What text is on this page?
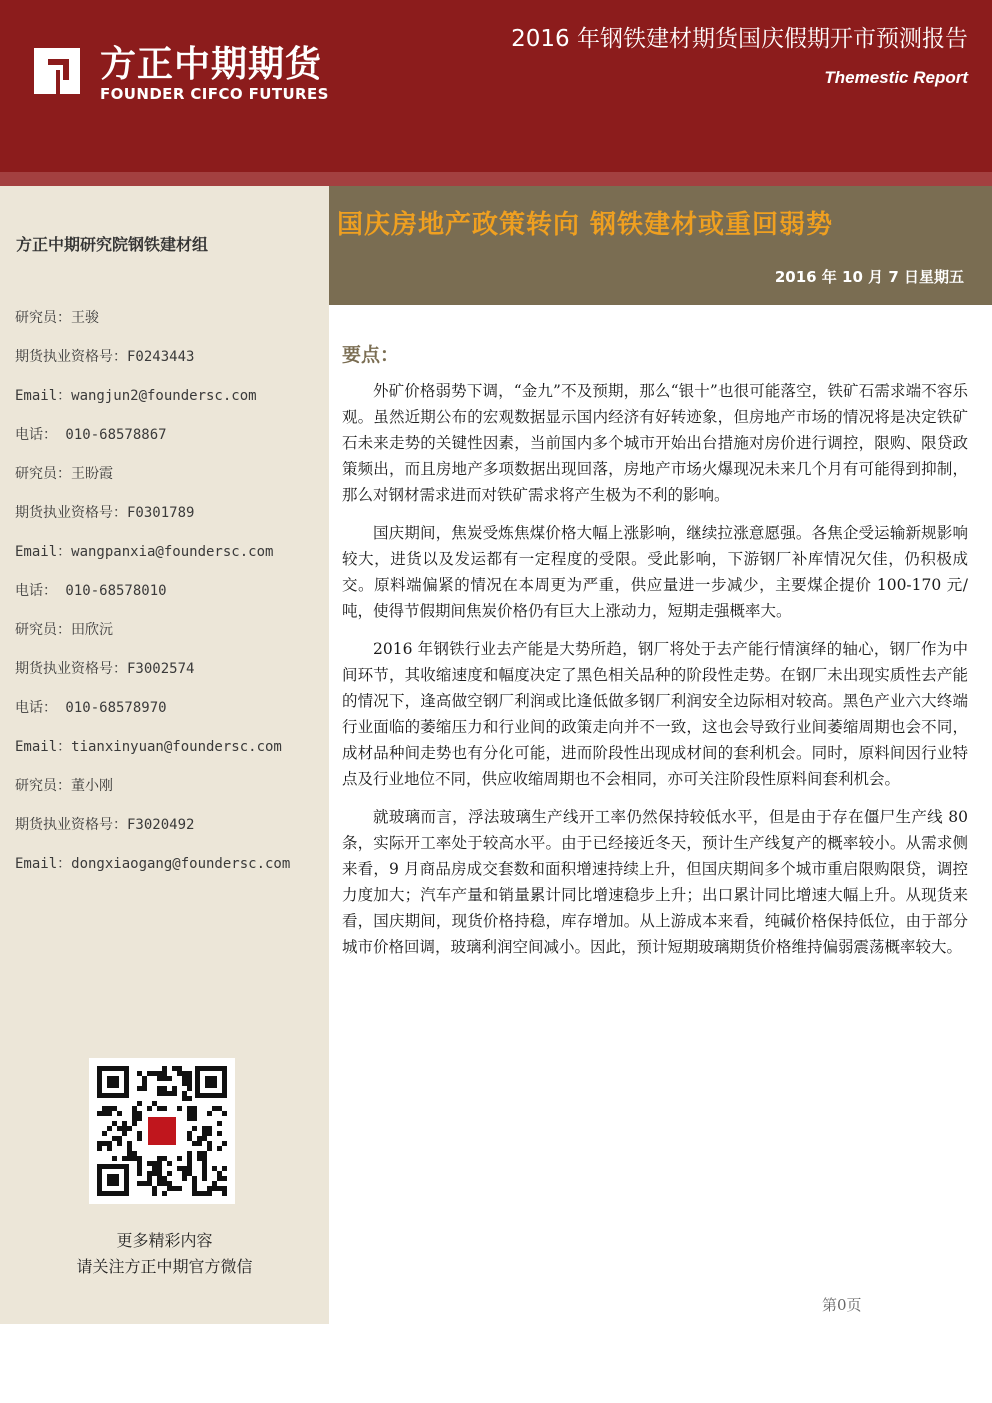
方正中期期货
FOUNDER CIFCO FUTURES
2016 年钢铁建材期货国庆假期开市预测报告
Themestic Report
方正中期研究院钢铁建材组
研究员：王骏
期货执业资格号：F0243443
Email：wangjun2@foundersc.com
电话： 010-68578867
研究员：王盼霞
期货执业资格号：F0301789
Email：wangpanxia@foundersc.com
电话： 010-68578010
研究员：田欣沅
期货执业资格号：F3002574
电话： 010-68578970
Email：tianxinyuan@foundersc.com
研究员：董小刚
期货执业资格号：F3020492
Email：dongxiaogang@foundersc.com
更多精彩内容
请关注方正中期官方微信
国庆房地产政策转向 钢铁建材或重回弱势
2016 年 10 月 7 日星期五
要点：

外矿价格弱势下调，“金九”不及预期，那么“银十”也很可能落空，铁矿石需求端不容乐观。虽然近期公布的宏观数据显示国内经济有好转迹象，但房地产市场的情况将是决定铁矿石未来走势的关键性因素，当前国内多个城市开始出台措施对房价进行调控，限购、限贷政策频出，而且房地产多项数据出现回落，房地产市场火爆现况未来几个月有可能得到抑制，那么对钢材需求进而对铁矿需求将产生极为不利的影响。

国庆期间，焦炭受炼焦煤价格大幅上涨影响，继续拉涨意愿强。各焦企受运输新规影响较大，进货以及发运都有一定程度的受限。受此影响，下游钢厂补库情况欠佳，仍积极成交。原料端偏紧的情况在本周更为严重，供应量进一步减少，主要煤企提价 100-170 元/吨，使得节假期间焦炭价格仍有巨大上涨动力，短期走强概率大。

2016 年钢铁行业去产能是大势所趋，钢厂将处于去产能行情演绎的轴心，钢厂作为中间环节，其收缩速度和幅度决定了黑色相关品种的阶段性走势。在钢厂未出现实质性去产能的情况下，逢高做空钢厂利润或比逢低做多钢厂利润安全边际相对较高。黑色产业六大终端行业面临的萎缩压力和行业间的政策走向并不一致，这也会导致行业间萎缩周期也会不同，成材品种间走势也有分化可能，进而阶段性出现成材间的套利机会。同时，原料间因行业特点及行业地位不同，供应收缩周期也不会相同，亦可关注阶段性原料间套利机会。

就玻璃而言，浮法玻璃生产线开工率仍然保持较低水平，但是由于存在僵尸生产线 80 条，实际开工率处于较高水平。由于已经接近冬天，预计生产线复产的概率较小。从需求侧来看，9 月商品房成交套数和面积增速持续上升，但国庆期间多个城市重启限购限贷，调控力度加大；汽车产量和销量累计同比增速稳步上升；出口累计同比增速大幅上升。从现货来看，国庆期间，现货价格持稳，库存增加。从上游成本来看，纯碱价格保持低位，由于部分城市价格回调，玻璃利润空间减小。因此，预计短期玻璃期货价格维持偏弱震荡概率较大。

第0页
